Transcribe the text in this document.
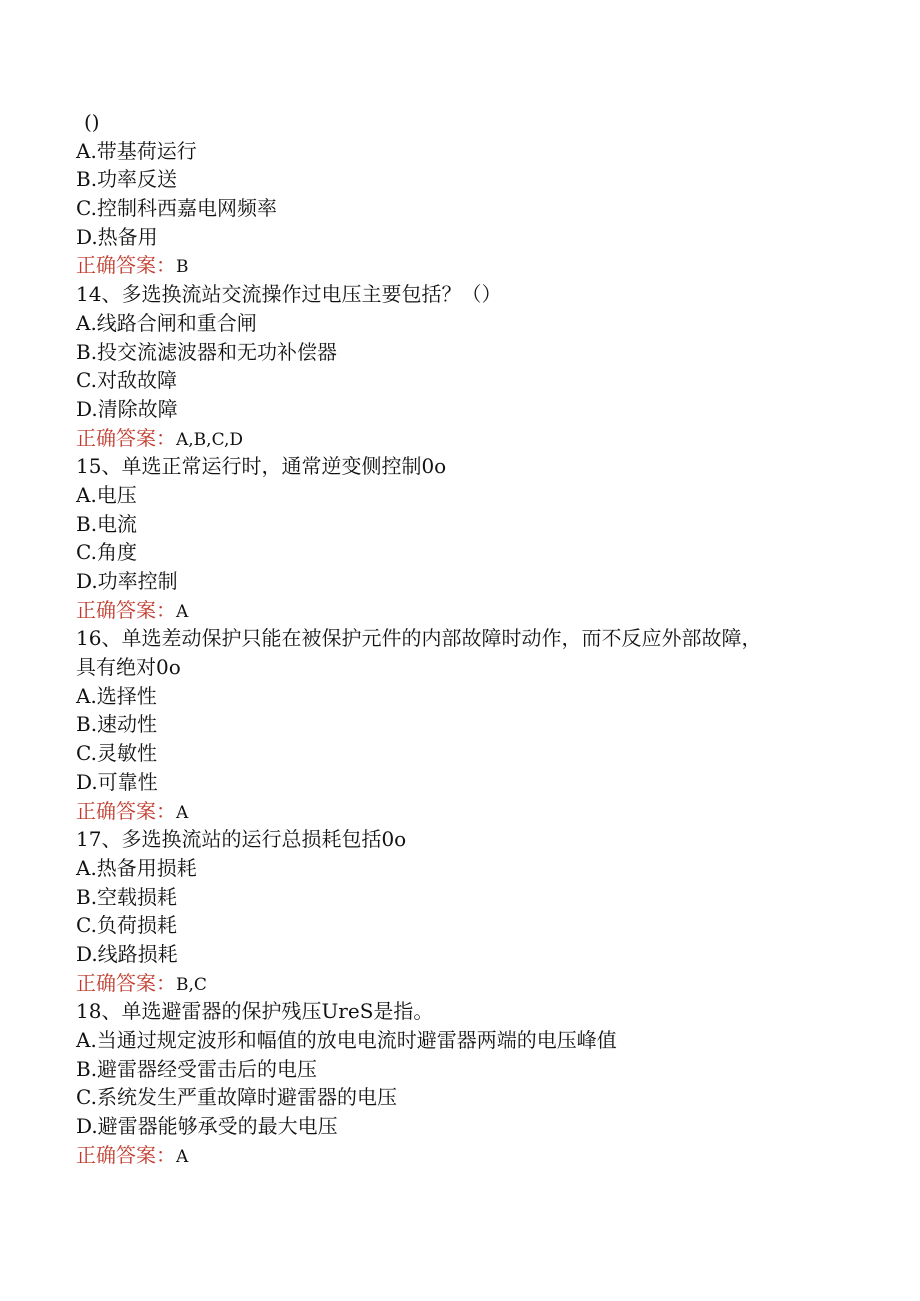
()
A.带基荷运行
B.功率反送
C.控制科西嘉电网频率
D.热备用
正确答案：B
14、多选换流站交流操作过电压主要包括？（）
A.线路合闸和重合闸
B.投交流滤波器和无功补偿器
C.对敌故障
D.清除故障
正确答案：A,B,C,D
15、单选正常运行时，通常逆变侧控制0o
A.电压
B.电流
C.角度
D.功率控制
正确答案：A
16、单选差动保护只能在被保护元件的内部故障时动作，而不反应外部故障，
具有绝对0o
A.选择性
B.速动性
C.灵敏性
D.可靠性
正确答案：A
17、多选换流站的运行总损耗包括0o
A.热备用损耗
B.空载损耗
C.负荷损耗
D.线路损耗
正确答案：B,C
18、单选避雷器的保护残压UreS是指。
A.当通过规定波形和幅值的放电电流时避雷器两端的电压峰值
B.避雷器经受雷击后的电压
C.系统发生严重故障时避雷器的电压
D.避雷器能够承受的最大电压
正确答案：A
